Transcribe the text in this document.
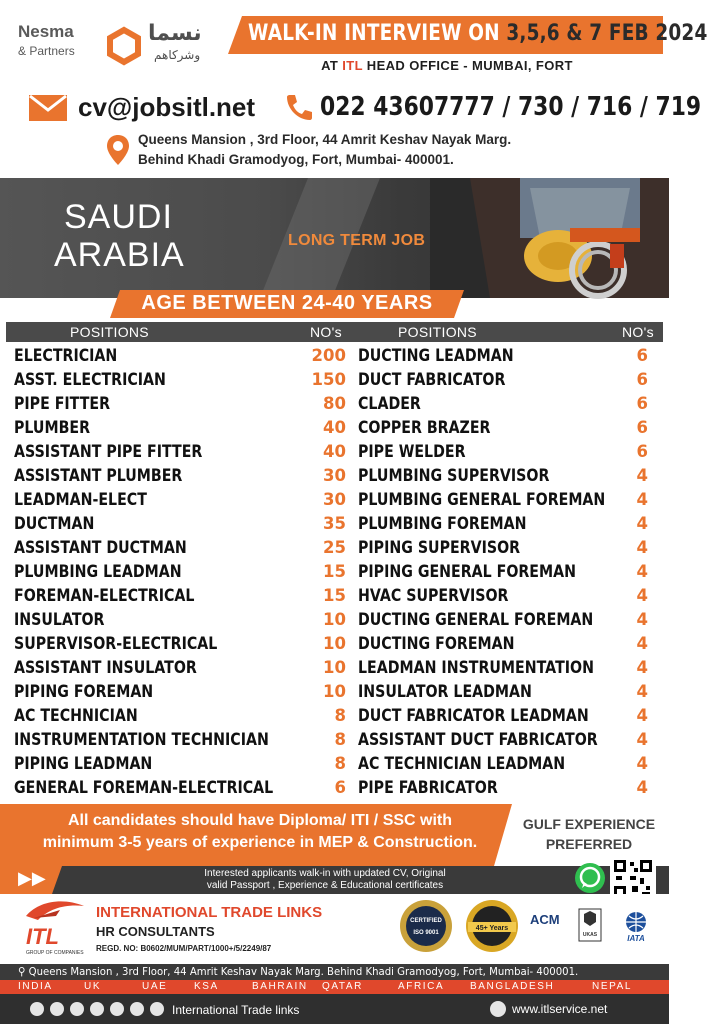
Nesma
& Partners
نسما
وشركاهم
WALK-IN INTERVIEW ON 3,5,6 & 7 FEB 2024
AT ITL HEAD OFFICE - MUMBAI, FORT
cv@jobsitl.net 022 43607777 / 730 / 716 / 719
Queens Mansion , 3rd Floor, 44 Amrit Keshav Nayak Marg.
Behind Khadi Gramodyog, Fort, Mumbai- 400001.
SAUDI
ARABIA	LONG TERM JOB
AGE BETWEEN 24-40 YEARS
POSITIONS	NO's	POSITIONS	NO's
ELECTRICIAN	200 DUCTING LEADMAN	6
ASST. ELECTRICIAN	150 DUCT FABRICATOR	6
PIPE FITTER	80 CLADER	6
PLUMBER	40 COPPER BRAZER	6
ASSISTANT PIPE FITTER	40 PIPE WELDER	6
ASSISTANT PLUMBER	30 PLUMBING SUPERVISOR	4
LEADMAN-ELECT	30 PLUMBING GENERAL FOREMAN	4
DUCTMAN	35 PLUMBING FOREMAN	4
ASSISTANT DUCTMAN	25 PIPING SUPERVISOR	4
PLUMBING LEADMAN	15 PIPING GENERAL FOREMAN	4
FOREMAN-ELECTRICAL	15 HVAC SUPERVISOR	4
INSULATOR	10 DUCTING GENERAL FOREMAN	4
SUPERVISOR-ELECTRICAL	10 DUCTING FOREMAN	4
ASSISTANT INSULATOR	10 LEADMAN INSTRUMENTATION	4
PIPING FOREMAN	10 INSULATOR LEADMAN	4
AC TECHNICIAN	8 DUCT FABRICATOR LEADMAN	4
INSTRUMENTATION TECHNICIAN	8 ASSISTANT DUCT FABRICATOR	4
PIPING LEADMAN	8 AC TECHNICIAN LEADMAN	4
GENERAL FOREMAN-ELECTRICAL	6 PIPE FABRICATOR	4
All candidates should have Diploma/ ITI / SSC with
minimum 3-5 years of experience in MEP & Construction.
GULF EXPERIENCE
PREFERRED
▶▶	Interested applicants walk-in with updated CV, Original
valid Passport , Experience & Educational certificates
ITL
GROUP OF COMPANIES
INTERNATIONAL TRADE LINKS
HR CONSULTANTS
REGD. NO: B0602/MUM/PART/1000+/5/2249/87
CERTIFIED
ISO 9001
45+ Years
ACM
UKAS	IATA
⚲ Queens Mansion , 3rd Floor, 44 Amrit Keshav Nayak Marg. Behind Khadi Gramodyog, Fort, Mumbai- 400001.
INDIA	UK	UAE	KSA	BAHRAIN QATAR	AFRICA	BANGLADESH	NEPAL
International Trade links	www.itlservice.net
